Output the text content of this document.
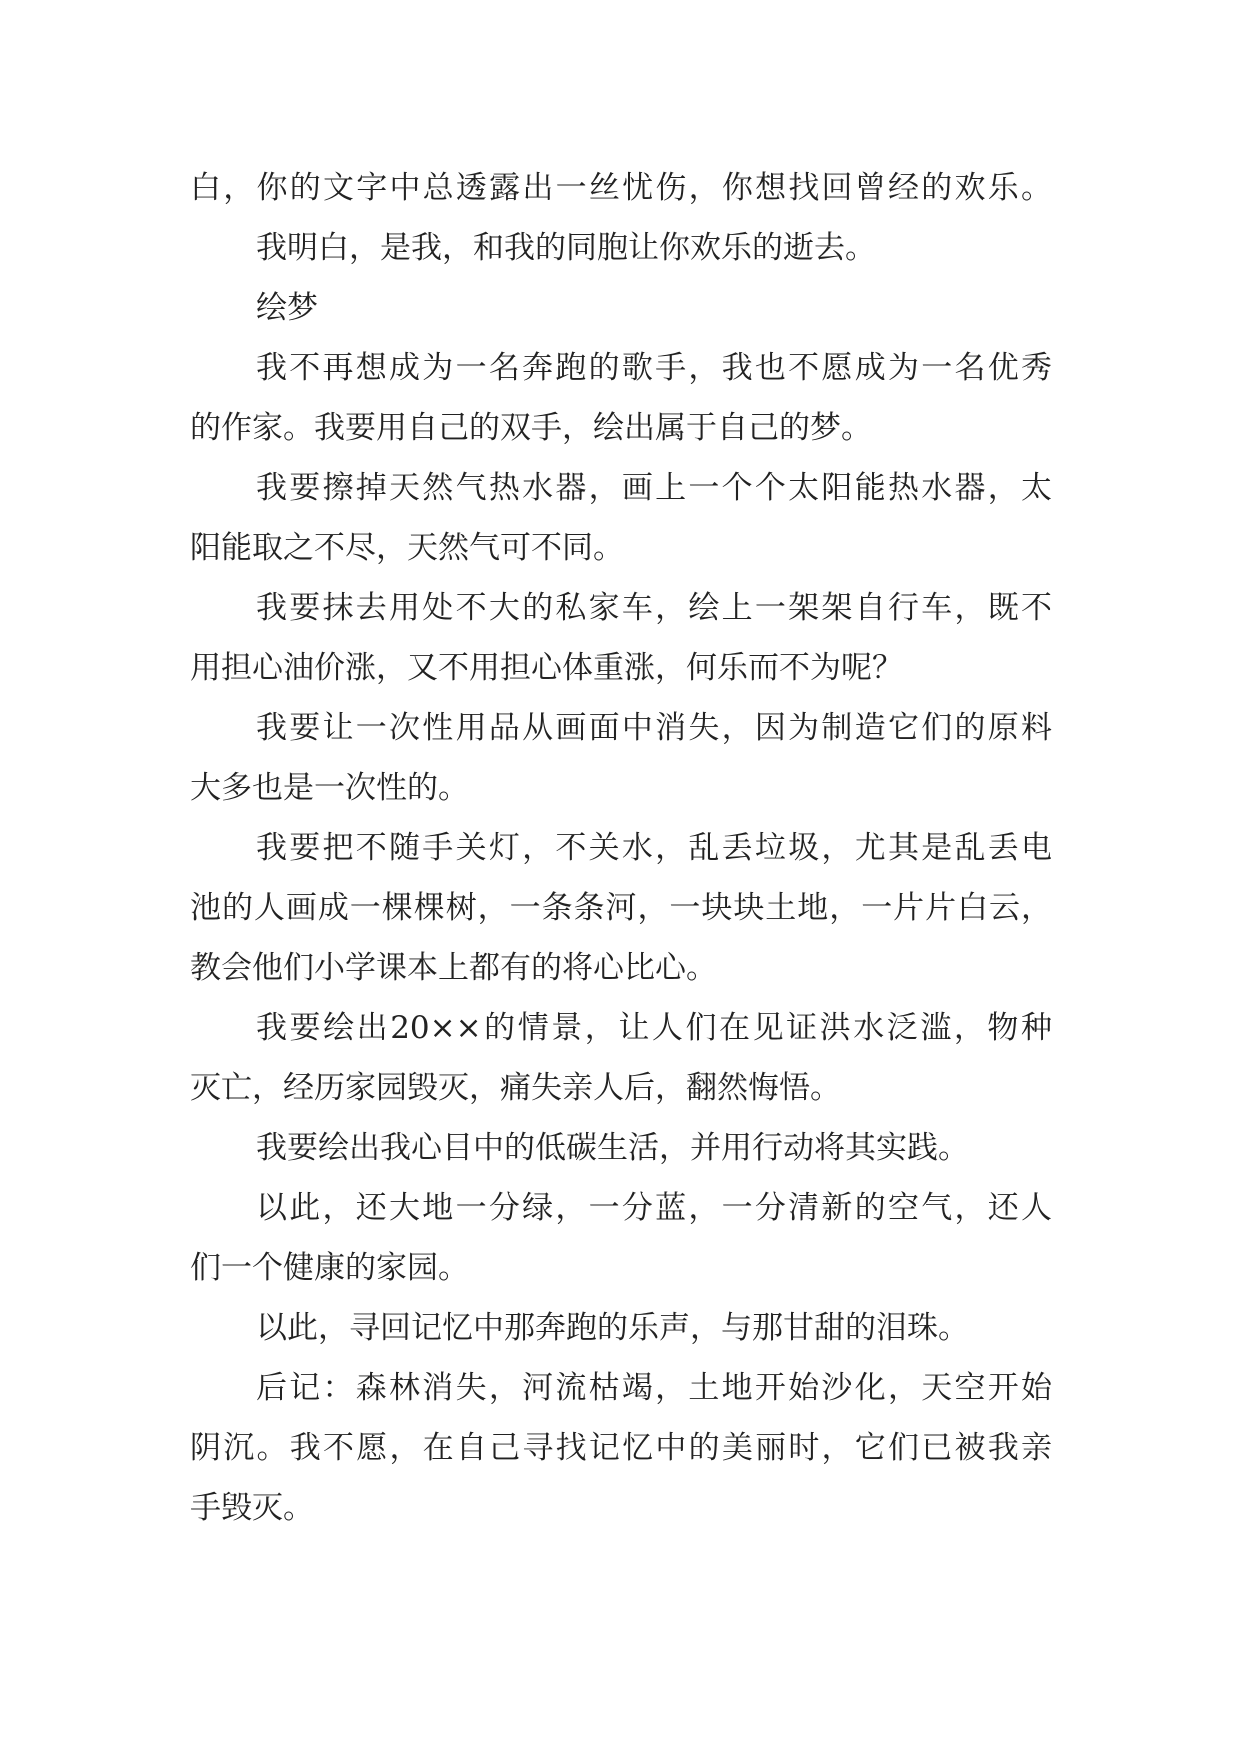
白，你的文字中总透露出一丝忧伤，你想找回曾经的欢乐。
我明白，是我，和我的同胞让你欢乐的逝去。
绘梦
我不再想成为一名奔跑的歌手，我也不愿成为一名优秀
的作家。我要用自己的双手，绘出属于自己的梦。
我要擦掉天然气热水器，画上一个个太阳能热水器，太
阳能取之不尽，天然气可不同。
我要抹去用处不大的私家车，绘上一架架自行车，既不
用担心油价涨，又不用担心体重涨，何乐而不为呢？
我要让一次性用品从画面中消失，因为制造它们的原料
大多也是一次性的。
我要把不随手关灯，不关水，乱丢垃圾，尤其是乱丢电
池的人画成一棵棵树，一条条河，一块块土地，一片片白云，
教会他们小学课本上都有的将心比心。
我要绘出20××的情景，让人们在见证洪水泛滥，物种
灭亡，经历家园毁灭，痛失亲人后，翻然悔悟。
我要绘出我心目中的低碳生活，并用行动将其实践。
以此，还大地一分绿，一分蓝，一分清新的空气，还人
们一个健康的家园。
以此，寻回记忆中那奔跑的乐声，与那甘甜的泪珠。
后记：森林消失，河流枯竭，土地开始沙化，天空开始
阴沉。我不愿，在自己寻找记忆中的美丽时，它们已被我亲
手毁灭。
